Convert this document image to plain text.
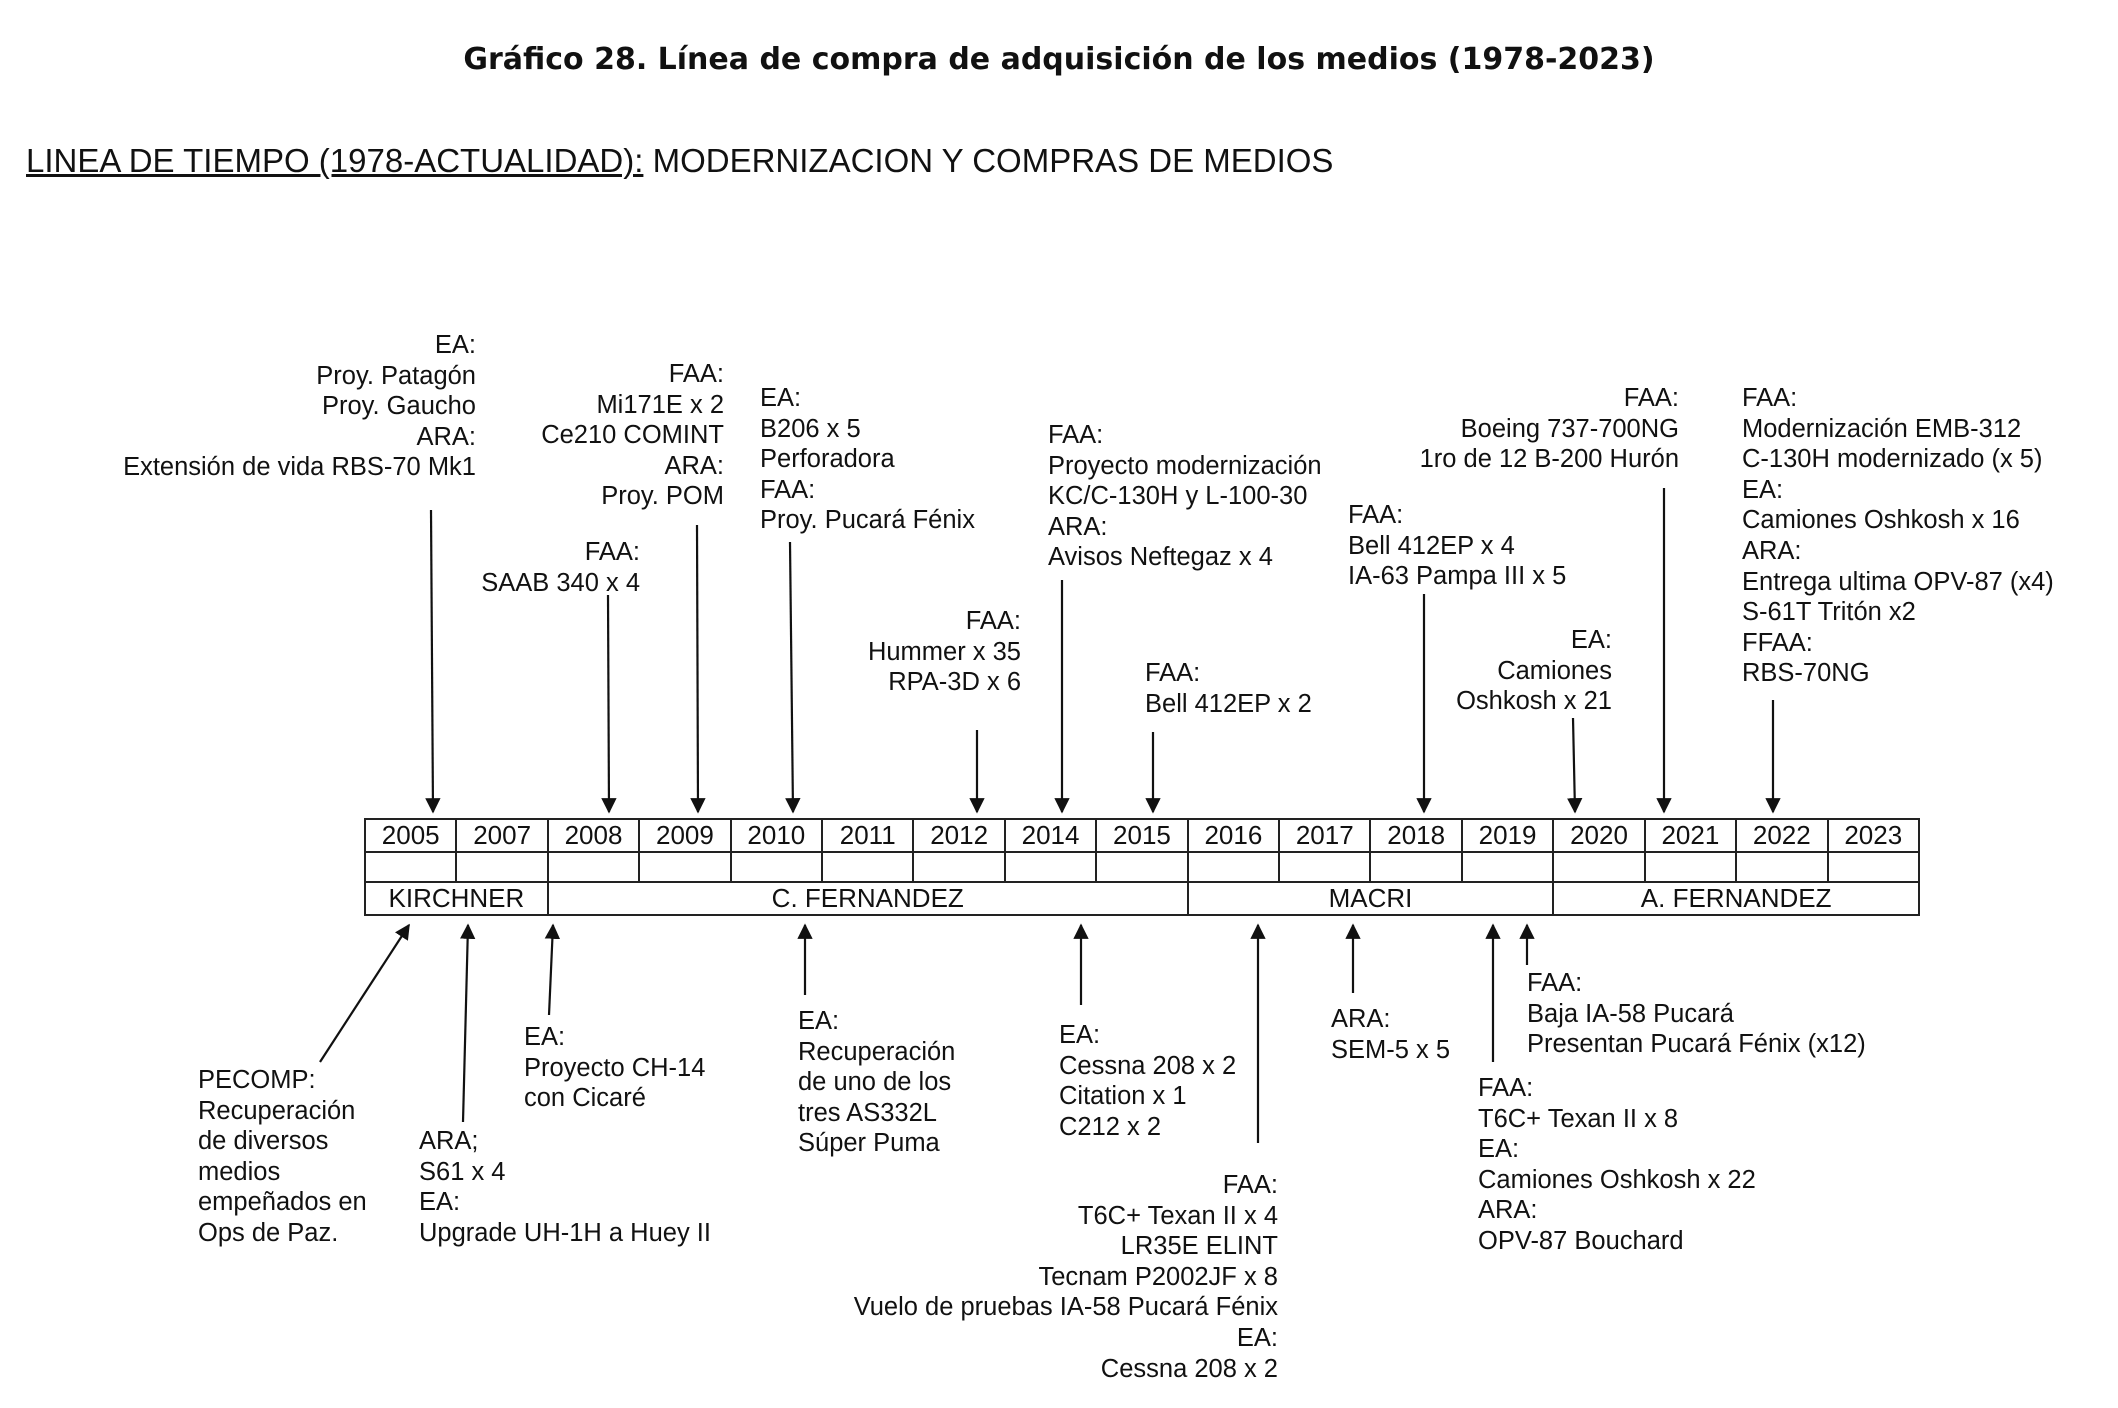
Gráfico 28. Línea de compra de adquisición de los medios (1978-2023)
LINEA DE TIEMPO (1978-ACTUALIDAD): MODERNIZACION Y COMPRAS DE MEDIOS
EA:
Proy. Patagón
Proy. Gaucho
ARA:
Extensión de vida RBS-70 Mk1
FAA:
SAAB 340 x 4
FAA:
Mi171E x 2
Ce210 COMINT
ARA:
Proy. POM
EA:
B206 x 5
Perforadora
FAA:
Proy. Pucará Fénix
FAA:
Hummer x 35
RPA-3D x 6
FAA:
Proyecto modernización
KC/C-130H y L-100-30
ARA:
Avisos Neftegaz x 4
FAA:
Bell 412EP x 2
FAA:
Bell 412EP x 4
IA-63 Pampa III x 5
EA:
Camiones
Oshkosh x 21
FAA:
Boeing 737-700NG
1ro de 12 B-200 Hurón
FAA:
Modernización EMB-312
C-130H modernizado (x 5)
EA:
Camiones Oshkosh x 16
ARA:
Entrega ultima OPV-87 (x4)
S-61T Tritón x2
FFAA:
RBS-70NG
2005	2007	2008	2009	2010	2011	2012	2014	2015	2016	2017	2018	2019	2020	2021	2022	2023

KIRCHNER		C. FERNANDEZ							MACRI				A. FERNANDEZ			
PECOMP:
Recuperación
de diversos
medios
empeñados en
Ops de Paz.
ARA;
S61 x 4
EA:
Upgrade UH-1H a Huey II
EA:
Proyecto CH-14
con Cicaré
EA:
Recuperación
de uno de los
tres AS332L
Súper Puma
EA:
Cessna 208 x 2
Citation x 1
C212 x 2
FAA:
T6C+ Texan II x 4
LR35E ELINT
Tecnam P2002JF x 8
Vuelo de pruebas IA-58 Pucará Fénix
EA:
Cessna 208 x 2
ARA:
SEM-5 x 5
FAA:
T6C+ Texan II x 8
EA:
Camiones Oshkosh x 22
ARA:
OPV-87 Bouchard
FAA:
Baja IA-58 Pucará
Presentan Pucará Fénix (x12)
